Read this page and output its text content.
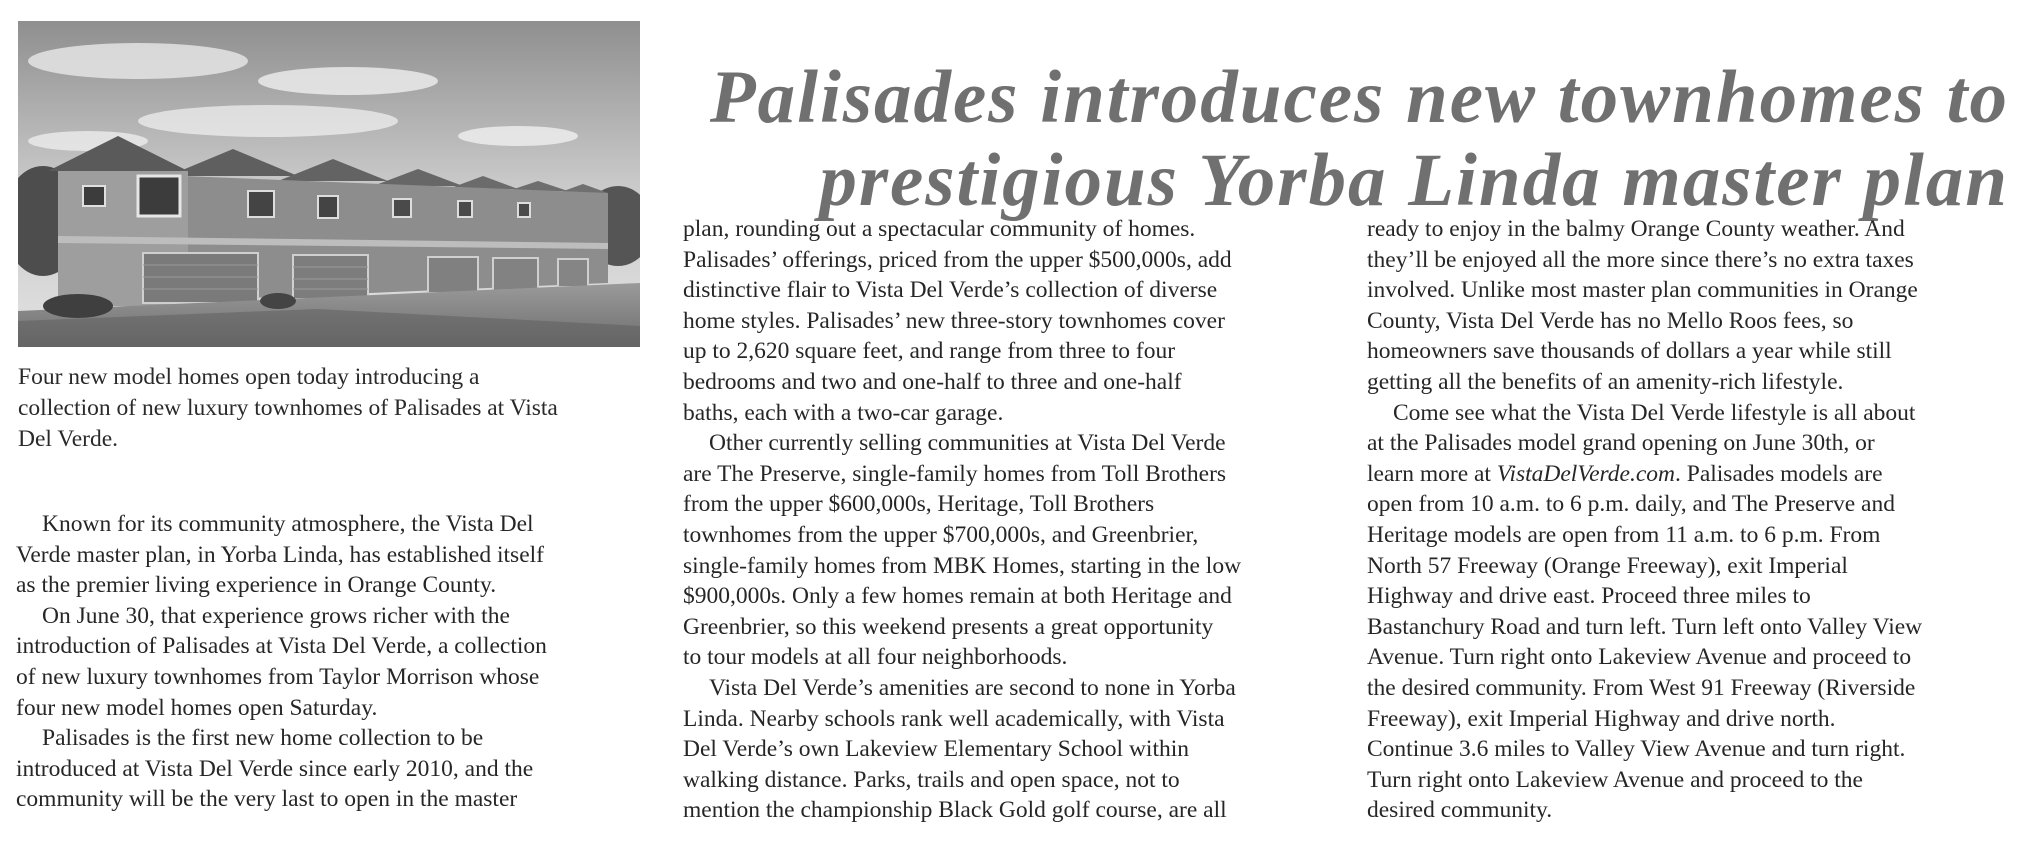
Palisades introduces new townhomes to
prestigious Yorba Linda master plan
Four new model homes open today introducing a
collection of new luxury townhomes of Palisades at Vista
Del Verde.
Known for its community atmosphere, the Vista Del
Verde master plan, in Yorba Linda, has established itself
as the premier living experience in Orange County.
On June 30, that experience grows richer with the
introduction of Palisades at Vista Del Verde, a collection
of new luxury townhomes from Taylor Morrison whose
four new model homes open Saturday.
Palisades is the first new home collection to be
introduced at Vista Del Verde since early 2010, and the
community will be the very last to open in the master
plan, rounding out a spectacular community of homes.
Palisades’ offerings, priced from the upper $500,000s, add
distinctive flair to Vista Del Verde’s collection of diverse
home styles. Palisades’ new three-story townhomes cover
up to 2,620 square feet, and range from three to four
bedrooms and two and one-half to three and one-half
baths, each with a two-car garage.
Other currently selling communities at Vista Del Verde
are The Preserve, single-family homes from Toll Brothers
from the upper $600,000s, Heritage, Toll Brothers
townhomes from the upper $700,000s, and Greenbrier,
single-family homes from MBK Homes, starting in the low
$900,000s. Only a few homes remain at both Heritage and
Greenbrier, so this weekend presents a great opportunity
to tour models at all four neighborhoods.
Vista Del Verde’s amenities are second to none in Yorba
Linda. Nearby schools rank well academically, with Vista
Del Verde’s own Lakeview Elementary School within
walking distance. Parks, trails and open space, not to
mention the championship Black Gold golf course, are all
ready to enjoy in the balmy Orange County weather. And
they’ll be enjoyed all the more since there’s no extra taxes
involved. Unlike most master plan communities in Orange
County, Vista Del Verde has no Mello Roos fees, so
homeowners save thousands of dollars a year while still
getting all the benefits of an amenity-rich lifestyle.
Come see what the Vista Del Verde lifestyle is all about
at the Palisades model grand opening on June 30th, or
learn more at VistaDelVerde.com. Palisades models are
open from 10 a.m. to 6 p.m. daily, and The Preserve and
Heritage models are open from 11 a.m. to 6 p.m. From
North 57 Freeway (Orange Freeway), exit Imperial
Highway and drive east. Proceed three miles to
Bastanchury Road and turn left. Turn left onto Valley View
Avenue. Turn right onto Lakeview Avenue and proceed to
the desired community. From West 91 Freeway (Riverside
Freeway), exit Imperial Highway and drive north.
Continue 3.6 miles to Valley View Avenue and turn right.
Turn right onto Lakeview Avenue and proceed to the
desired community.
